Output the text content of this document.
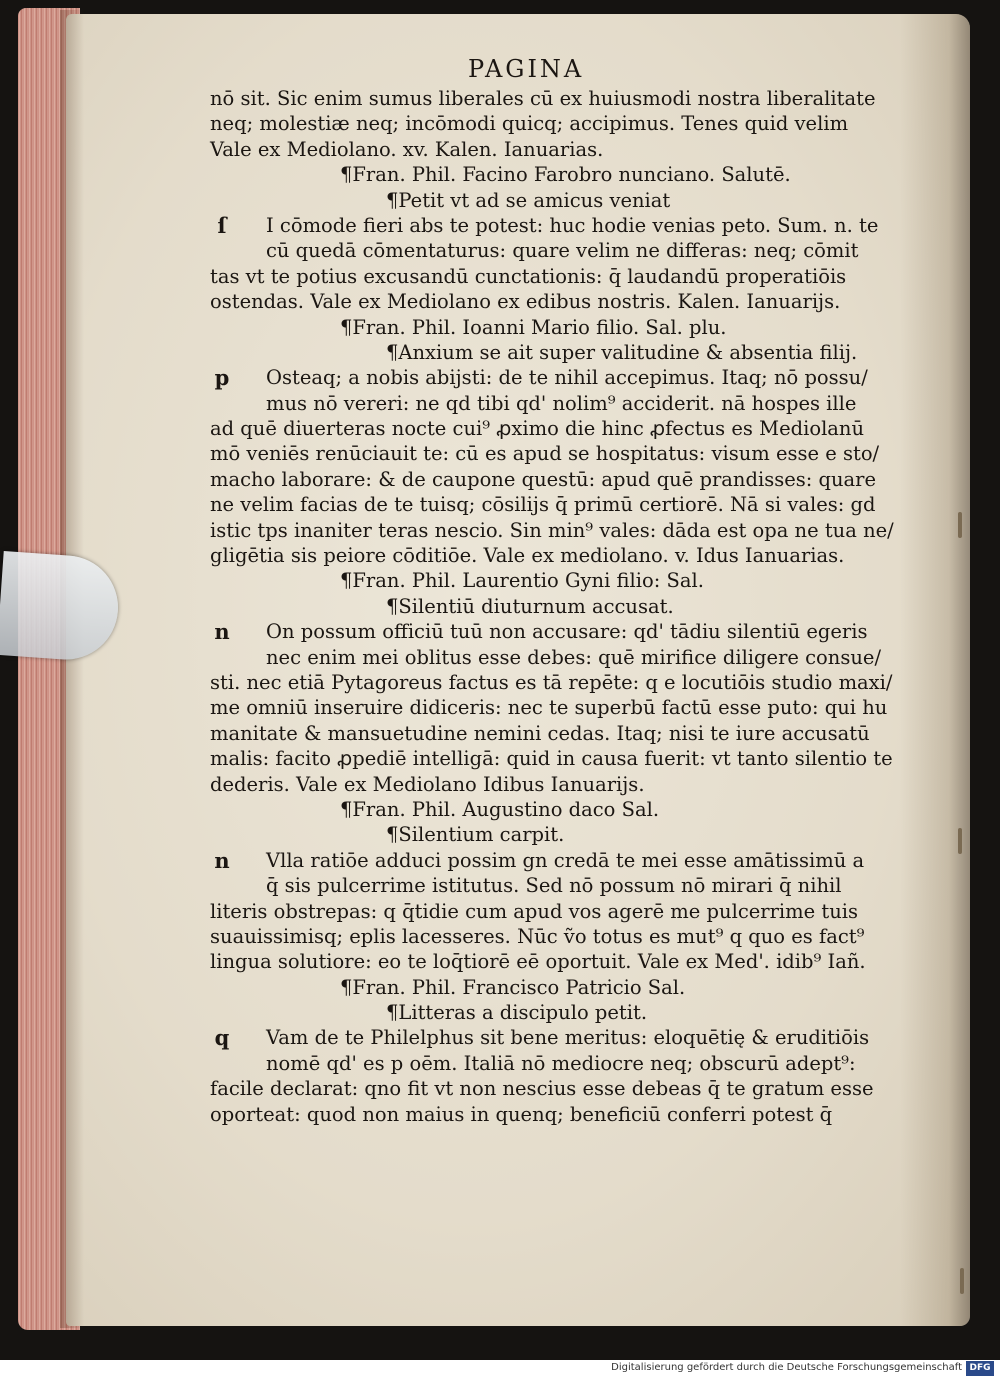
PAGINA
nō sit. Sic enim sumus liberales cū ex huiusmodi nostra liberalitate
neq; molestiæ neq; incōmodi quicq; accipimus. Tenes quid velim
Vale ex Mediolano. xv. Kalen. Ianuarias.
¶Fran. Phil. Facino Farobro nunciano. Salutē.
¶Petit vt ad se amicus veniat
ſ	I cōmode fieri abs te potest: huc hodie venias peto. Sum. n. te
cū quedā cōmentaturus: quare velim ne differas: neq; cōmit
tas vt te potius excusandū cunctationis: q̄ laudandū properatiōis
ostendas. Vale ex Mediolano ex edibus nostris. Kalen. Ianuarijs.
¶Fran. Phil. Ioanni Mario filio. Sal. plu.
¶Anxium se ait super valitudine & absentia filij.
p	Osteaq; a nobis abijsti: de te nihil accepimus. Itaq; nō possu/
mus nō vereri: ne qd tibi qd' nolim⁹ acciderit. nā hospes ille
ad quē diuerteras nocte cui⁹ ꝓximo die hinc ꝓfectus es Mediolanū
mō veniēs renūciauit te: cū es apud se hospitatus: visum esse e sto/
macho laborare: & de caupone questū: apud quē prandisses: quare
ne velim facias de te tuisq; cōsilijs q̄ primū certiorē. Nā si vales: gd
istic tps inaniter teras nescio. Sin min⁹ vales: dāda est opa ne tua ne/
gligētia sis peiore cōditiōe. Vale ex mediolano. v. Idus Ianuarias.
¶Fran. Phil. Laurentio Gyni filio: Sal.
¶Silentiū diuturnum accusat.
n	On possum officiū tuū non accusare: qd' tādiu silentiū egeris
nec enim mei oblitus esse debes: quē mirifice diligere consue/
sti. nec etiā Pytagoreus factus es tā repēte: q e locutiōis studio maxi/
me omniū inseruire didiceris: nec te superbū factū esse puto: qui hu
manitate & mansuetudine nemini cedas. Itaq; nisi te iure accusatū
malis: facito ꝓpediē intelligā: quid in causa fuerit: vt tanto silentio te
dederis. Vale ex Mediolano Idibus Ianuarijs.
¶Fran. Phil. Augustino daco Sal.
¶Silentium carpit.
n	Vlla ratiōe adduci possim gn credā te mei esse amātissimū a
q̄ sis pulcerrime istitutus. Sed nō possum nō mirari q̄ nihil
literis obstrepas: q q̄tidie cum apud vos agerē me pulcerrime tuis
suauissimisq; eplis lacesseres. Nūc ṽo totus es mut⁹ q quo es fact⁹
lingua solutiore: eo te loq̄tiorē eē oportuit. Vale ex Med'. idib⁹ Iañ.
¶Fran. Phil. Francisco Patricio Sal.
¶Litteras a discipulo petit.
q	Vam de te Philelphus sit bene meritus: eloquētię & eruditiōis
nomē qd' es p oēm. Italiā nō mediocre neq; obscurū adept⁹:
facile declarat: qno fit vt non nescius esse debeas q̄ te gratum esse
oporteat: quod non maius in quenq; beneficiū conferri potest q̄
Digitalisierung gefördert durch die Deutsche Forschungsgemeinschaft DFG
